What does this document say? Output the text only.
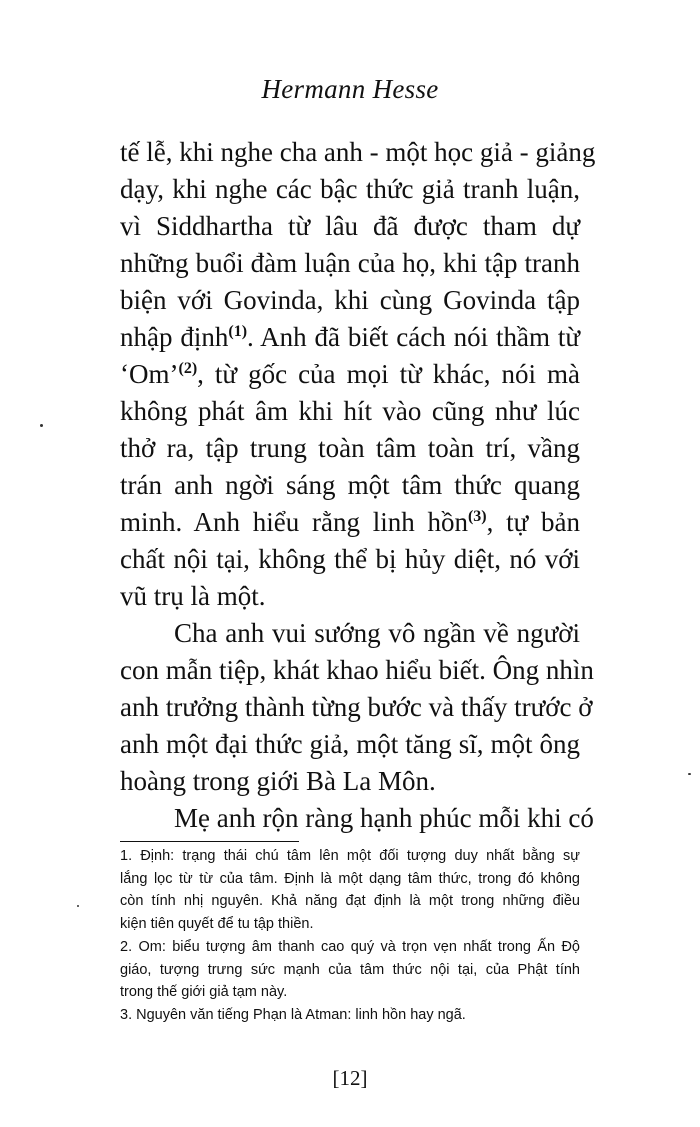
Hermann Hesse
tế lễ, khi nghe cha anh - một học giả - giảng
dạy, khi nghe các bậc thức giả tranh luận,
vì Siddhartha từ lâu đã được tham dự
những buổi đàm luận của họ, khi tập tranh
biện với Govinda, khi cùng Govinda tập
nhập định$^{(1)}$. Anh đã biết cách nói thầm từ
‘Om’$^{(2)}$, từ gốc của mọi từ khác, nói mà
không phát âm khi hít vào cũng như lúc
thở ra, tập trung toàn tâm toàn trí, vầng
trán anh ngời sáng một tâm thức quang
minh. Anh hiểu rằng linh hồn$^{(3)}$, tự bản
chất nội tại, không thể bị hủy diệt, nó với
vũ trụ là một.
Cha anh vui sướng vô ngần về người
con mẫn tiệp, khát khao hiểu biết. Ông nhìn
anh trưởng thành từng bước và thấy trước ở
anh một đại thức giả, một tăng sĩ, một ông
hoàng trong giới Bà La Môn.
Mẹ anh rộn ràng hạnh phúc mỗi khi có
1. Định: trạng thái chú tâm lên một đối tượng duy nhất bằng sự
lắng lọc từ từ của tâm. Định là một dạng tâm thức, trong đó không
còn tính nhị nguyên. Khả năng đạt định là một trong những điều
kiện tiên quyết để tu tập thiền.
2. Om: biểu tượng âm thanh cao quý và trọn vẹn nhất trong Ấn Độ
giáo, tượng trưng sức mạnh của tâm thức nội tại, của Phật tính
trong thế giới giả tạm này.
3. Nguyên văn tiếng Phạn là Atman: linh hồn hay ngã.
[12]
